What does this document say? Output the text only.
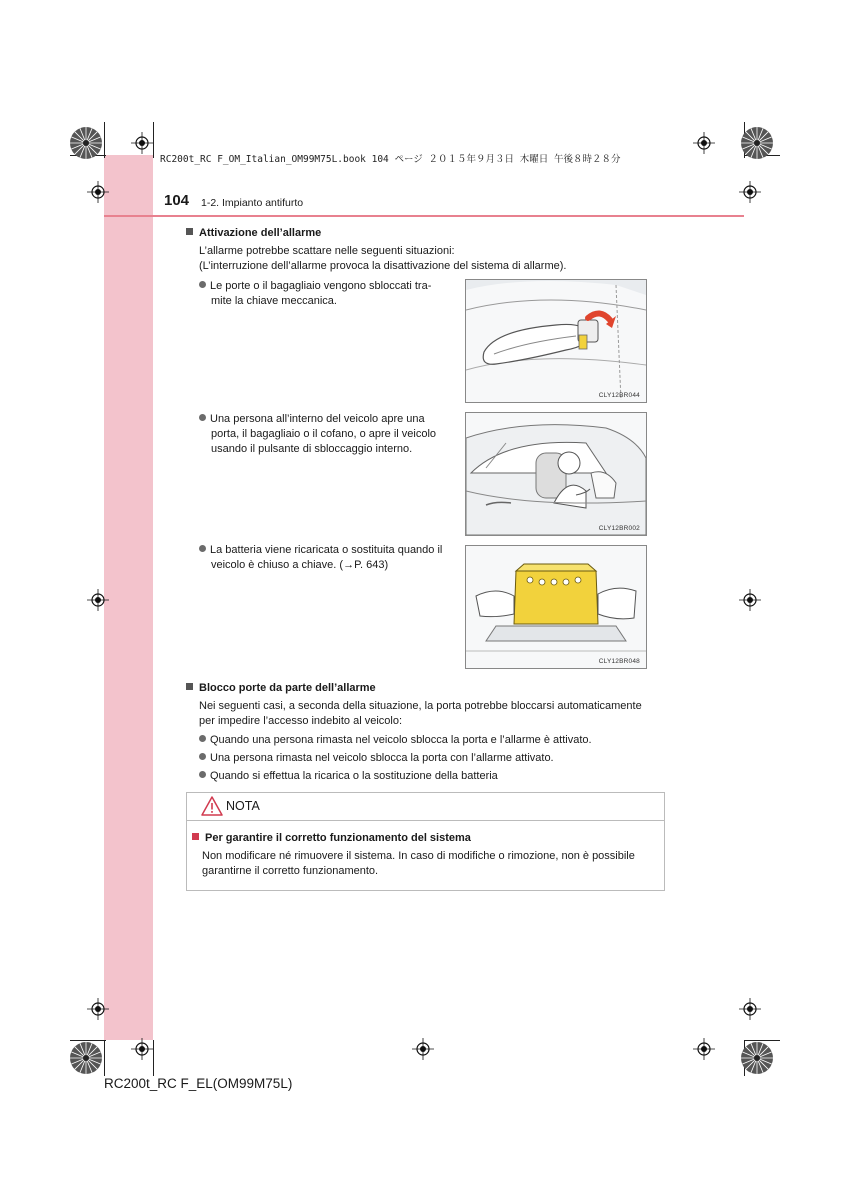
RC200t_RC F_OM_Italian_OM99M75L.book 104 ページ ２０１５年９月３日 木曜日 午後８時２８分
104 1-2. Impianto antifurto
Attivazione dell’allarme
L’allarme potrebbe scattare nelle seguenti situazioni:
(L’interruzione dell’allarme provoca la disattivazione del sistema di allarme).
Le porte o il bagagliaio vengono sbloccati tra-
mite la chiave meccanica.
CLY12BR044
Una persona all’interno del veicolo apre una
porta, il bagagliaio o il cofano, o apre il veicolo
usando il pulsante di sbloccaggio interno.
CLY12BR002
La batteria viene ricaricata o sostituita quando il
veicolo è chiuso a chiave. (→P. 643)
CLY12BR048
Blocco porte da parte dell’allarme
Nei seguenti casi, a seconda della situazione, la porta potrebbe bloccarsi automaticamente
per impedire l’accesso indebito al veicolo:
Quando una persona rimasta nel veicolo sblocca la porta e l’allarme è attivato.
Una persona rimasta nel veicolo sblocca la porta con l’allarme attivato.
Quando si effettua la ricarica o la sostituzione della batteria
NOTA
Per garantire il corretto funzionamento del sistema
Non modificare né rimuovere il sistema. In caso di modifiche o rimozione, non è possibile
garantirne il corretto funzionamento.
RC200t_RC F_EL(OM99M75L)
